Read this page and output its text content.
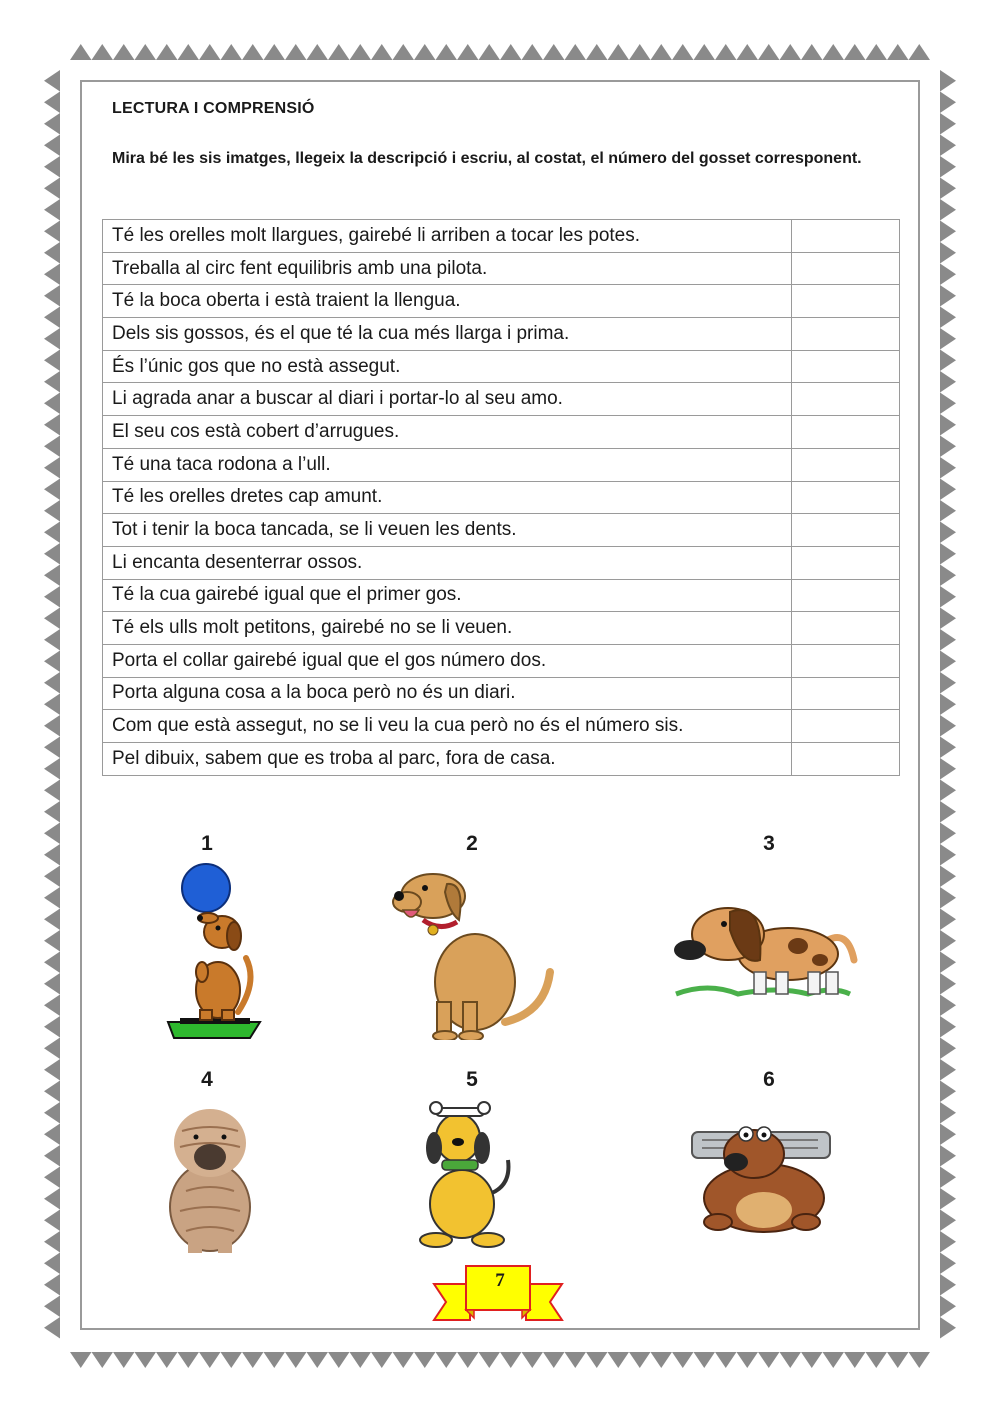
LECTURA I COMPRENSIÓ
Mira bé les sis imatges, llegeix la descripció i escriu, al costat, el número del gosset corresponent.
Té les orelles molt llargues, gairebé li arriben a tocar les potes.	
Treballa al circ fent equilibris amb una pilota.	
Té la boca oberta i està traient la llengua.	
Dels sis gossos, és el que té la cua més llarga i prima.	
És l’únic gos que no està assegut.	
Li agrada anar a buscar al diari i portar-lo al seu amo.	
El seu cos està cobert d’arrugues.	
Té una taca rodona a l’ull.	
Té les orelles dretes cap amunt.	
Tot i tenir la boca tancada, se li veuen les dents.	
Li encanta desenterrar ossos.	
Té la cua gairebé igual que el primer gos.	
Té els ulls molt petitons, gairebé no se li veuen.	
Porta el collar gairebé igual que el gos número dos.	
Porta alguna cosa a la boca però no és un diari.	
Com que està assegut, no se li veu la cua però no és el número sis.	
Pel dibuix, sabem que es troba al parc, fora de casa.	
1	2	3
4	5	6
7
